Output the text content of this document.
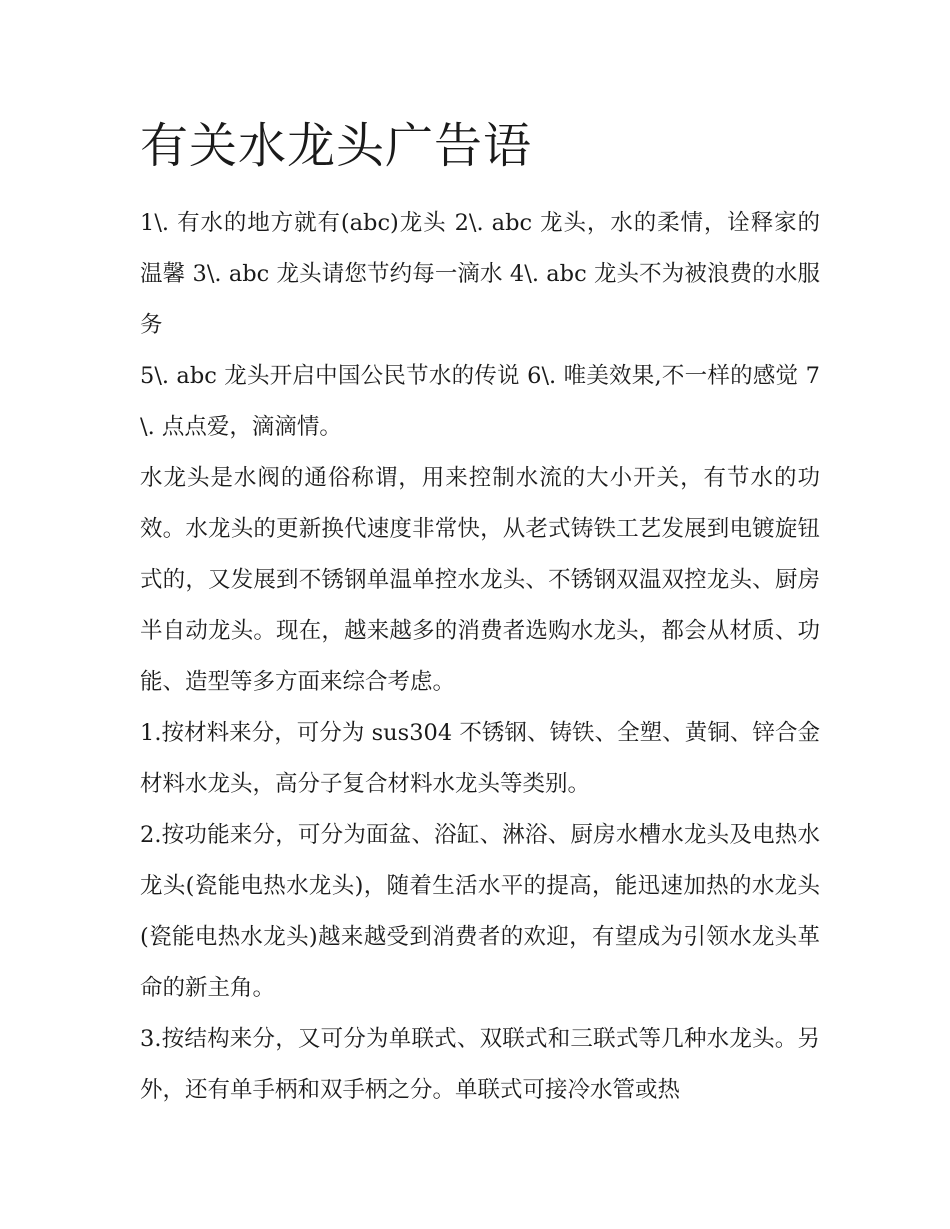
有关水龙头广告语

1\. 有水的地方就有(abc)龙头 2\. abc 龙头，水的柔情，诠释家的温馨 3\. abc 龙头请您节约每一滴水 4\. abc 龙头不为被浪费的水服务

5\. abc 龙头开启中国公民节水的传说 6\. 唯美效果,不一样的感觉 7\. 点点爱，滴滴情。

水龙头是水阀的通俗称谓，用来控制水流的大小开关，有节水的功效。水龙头的更新换代速度非常快，从老式铸铁工艺发展到电镀旋钮式的，又发展到不锈钢单温单控水龙头、不锈钢双温双控龙头、厨房半自动龙头。现在，越来越多的消费者选购水龙头，都会从材质、功能、造型等多方面来综合考虑。

1.按材料来分，可分为 sus304 不锈钢、铸铁、全塑、黄铜、锌合金材料水龙头，高分子复合材料水龙头等类别。

2.按功能来分，可分为面盆、浴缸、淋浴、厨房水槽水龙头及电热水龙头(瓷能电热水龙头)，随着生活水平的提高，能迅速加热的水龙头(瓷能电热水龙头)越来越受到消费者的欢迎，有望成为引领水龙头革命的新主角。

3.按结构来分，又可分为单联式、双联式和三联式等几种水龙头。另外，还有单手柄和双手柄之分。单联式可接冷水管或热
